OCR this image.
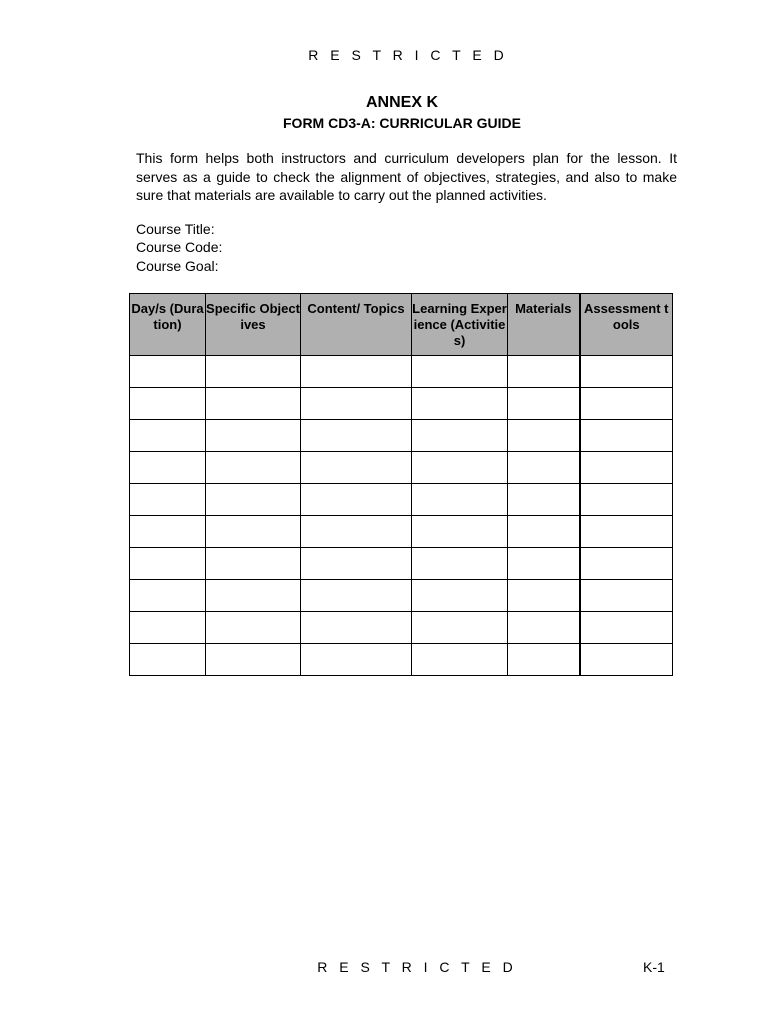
R E S T R I C T E D
ANNEX K
FORM CD3-A: CURRICULAR GUIDE

This form helps both instructors and curriculum developers plan for the lesson. It serves as a guide to check the alignment of objectives, strategies, and also to make sure that materials are available to carry out the planned activities.

Course Title:
Course Code:
Course Goal:
Day/s (Duration)	Specific Objectives	Content/ Topics	Learning Experience (Activities)	Materials	Assessment tools

R E S T R I C T E D	K-1
